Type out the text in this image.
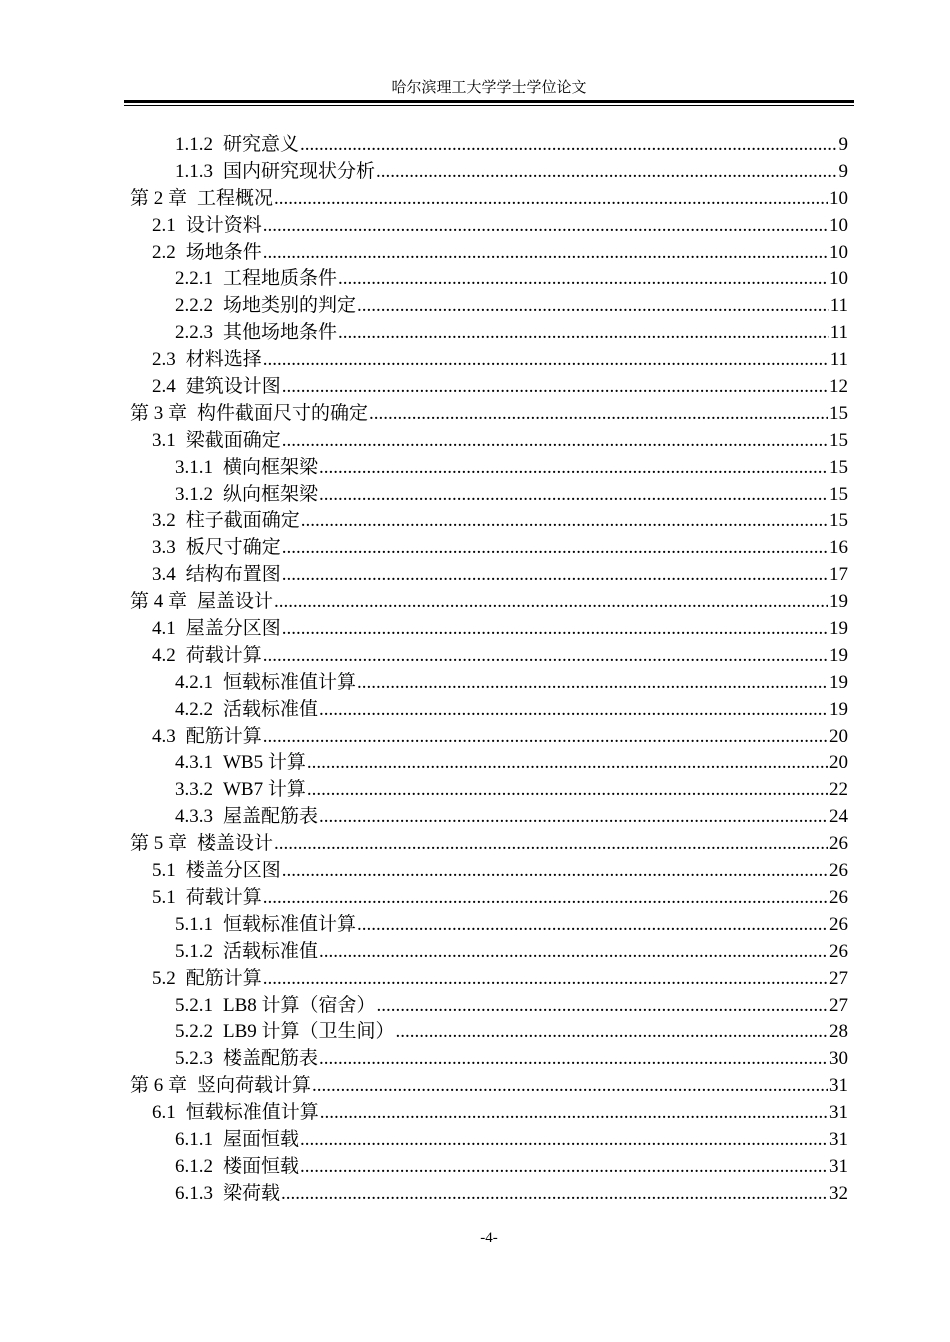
哈尔滨理工大学学士学位论文
1.1.2 研究意义 .....	9
1.1.3 国内研究现状分析 .....	9
第 2 章 工程概况 .....	10
2.1 设计资料 .....	10
2.2 场地条件 .....	10
2.2.1 工程地质条件 .....	10
2.2.2 场地类别的判定 .....	11
2.2.3 其他场地条件 .....	11
2.3 材料选择 .....	11
2.4 建筑设计图 .....	12
第 3 章 构件截面尺寸的确定 .....	15
3.1 梁截面确定 .....	15
3.1.1 横向框架梁 .....	15
3.1.2 纵向框架梁 .....	15
3.2 柱子截面确定 .....	15
3.3 板尺寸确定 .....	16
3.4 结构布置图 .....	17
第 4 章 屋盖设计 .....	19
4.1 屋盖分区图 .....	19
4.2 荷载计算 .....	19
4.2.1 恒载标准值计算 .....	19
4.2.2 活载标准值 .....	19
4.3 配筋计算 .....	20
4.3.1 WB5 计算 .....	20
3.3.2 WB7 计算 .....	22
4.3.3 屋盖配筋表 .....	24
第 5 章 楼盖设计 .....	26
5.1 楼盖分区图 .....	26
5.1 荷载计算 .....	26
5.1.1 恒载标准值计算 .....	26
5.1.2 活载标准值 .....	26
5.2 配筋计算 .....	27
5.2.1 LB8 计算（宿舍） .....	27
5.2.2 LB9 计算（卫生间） .....	28
5.2.3 楼盖配筋表 .....	30
第 6 章 竖向荷载计算 .....	31
6.1 恒载标准值计算 .....	31
6.1.1 屋面恒载 .....	31
6.1.2 楼面恒载 .....	31
6.1.3 梁荷载 .....	32
-4-
